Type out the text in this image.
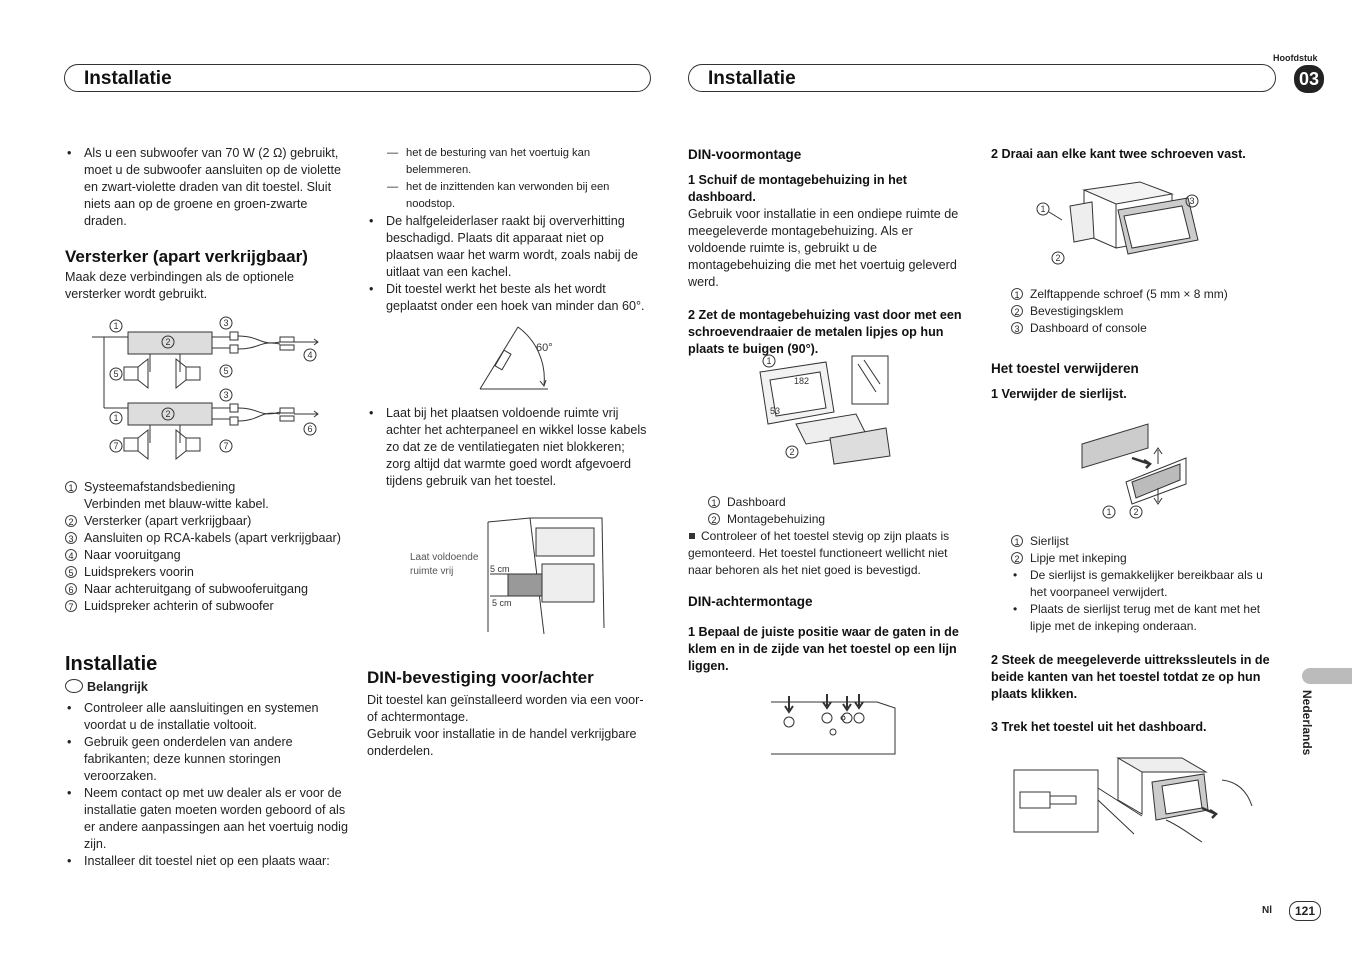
Installatie	Installatie
Hoofdstuk
03
• Als u een subwoofer van 70 W (2 Ω) gebruikt, moet u de subwoofer aansluiten op de violette en zwart-violette draden van dit toestel. Sluit niets aan op de groene en groen-zwarte draden.
Versterker (apart verkrijgbaar)

Maak deze verbindingen als de optionele versterker wordt gebruikt.

1
2
3
4
5	5
1	2
3
6
7	7
1 Systeemafstandsbediening
Verbinden met blauw-witte kabel.
2 Versterker (apart verkrijgbaar)
3 Aansluiten op RCA-kabels (apart verkrijgbaar)
4 Naar vooruitgang
5 Luidsprekers voorin
6 Naar achteruitgang of subwooferuitgang
7 Luidspreker achterin of subwoofer
Installatie
Belangrijk
• Controleer alle aansluitingen en systemen voordat u de installatie voltooit.
• Gebruik geen onderdelen van andere fabrikanten; deze kunnen storingen veroorzaken.
• Neem contact op met uw dealer als er voor de installatie gaten moeten worden geboord of als er andere aanpassingen aan het voertuig nodig zijn.
• Installeer dit toestel niet op een plaats waar:
— het de besturing van het voertuig kan belemmeren.
— het de inzittenden kan verwonden bij een noodstop.
• De halfgeleiderlaser raakt bij oververhitting beschadigd. Plaats dit apparaat niet op plaatsen waar het warm wordt, zoals nabij de uitlaat van een kachel.
• Dit toestel werkt het beste als het wordt geplaatst onder een hoek van minder dan 60°.
60°
• Laat bij het plaatsen voldoende ruimte vrij achter het achterpaneel en wikkel losse kabels zo dat ze de ventilatiegaten niet blokkeren; zorg altijd dat warmte goed wordt afgevoerd tijdens gebruik van het toestel.
Laat voldoende ruimte vrij	5 cm
5 cm
DIN-bevestiging voor/achter

Dit toestel kan geïnstalleerd worden via een voor- of achtermontage.

Gebruik voor installatie in de handel verkrijgbare onderdelen.

DIN-voormontage
1 Schuif de montagebehuizing in het dashboard.

Gebruik voor installatie in een ondiepe ruimte de meegeleverde montagebehuizing. Als er voldoende ruimte is, gebruikt u de montagebehuizing die met het voertuig geleverd werd.

2 Zet de montagebehuizing vast door met een schroevendraaier de metalen lipjes op hun plaats te buigen (90°).
1
2
182
53
1 Dashboard
2 Montagebehuizing

Controleer of het toestel stevig op zijn plaats is gemonteerd. Het toestel functioneert wellicht niet naar behoren als het niet goed is bevestigd.

DIN-achtermontage
1 Bepaal de juiste positie waar de gaten in de klem en in de zijde van het toestel op een lijn liggen.
2 Draai aan elke kant twee schroeven vast.
1
2
3
1 Zelftappende schroef (5 mm × 8 mm)
2 Bevestigingsklem
3 Dashboard of console
Het toestel verwijderen
1 Verwijder de sierlijst.
1 2
1 Sierlijst
2 Lipje met inkeping
• De sierlijst is gemakkelijker bereikbaar als u het voorpaneel verwijdert.
• Plaats de sierlijst terug met de kant met het lipje met de inkeping onderaan.
2 Steek de meegeleverde uittrekssleutels in de beide kanten van het toestel totdat ze op hun plaats klikken.
3 Trek het toestel uit het dashboard.	Nederlands
Nl	121
